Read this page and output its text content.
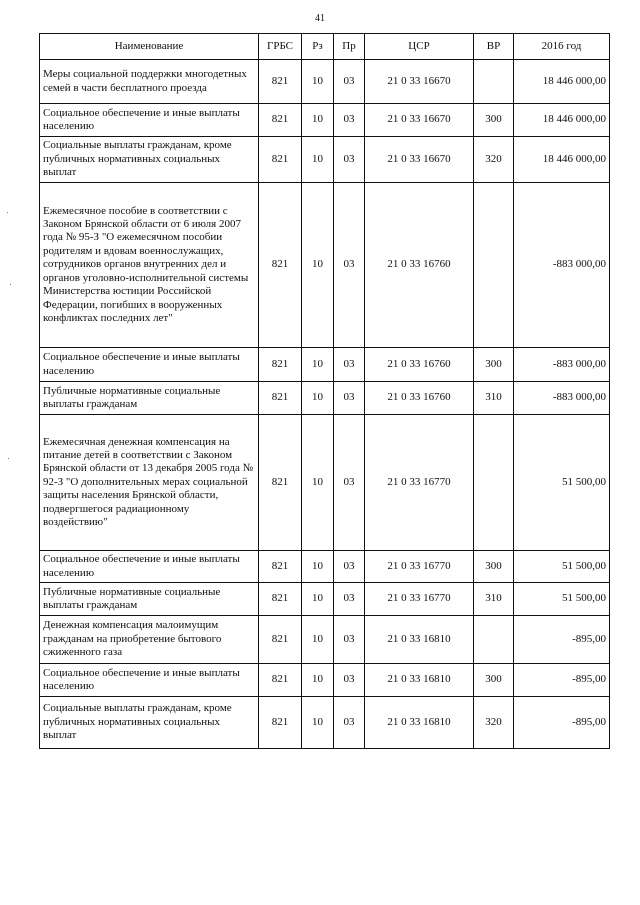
41
Наименование	ГРБС	Рз	Пр	ЦСР	ВР	2016 год
Меры социальной поддержки многодетных семей в части бесплатного проезда	821	10	03	21 0 33 16670		18 446 000,00
Социальное обеспечение и иные выплаты населению	821	10	03	21 0 33 16670	300	18 446 000,00
Социальные выплаты гражданам, кроме публичных нормативных социальных выплат	821	10	03	21 0 33 16670	320	18 446 000,00
Ежемесячное пособие в соответствии с Законом Брянской области от 6 июля 2007 года № 95-З "О ежемесячном пособии родителям и вдовам военнослужащих, сотрудников органов внутренних дел и органов уголовно-исполнительной системы Министерства юстиции Российской Федерации, погибших в вооруженных конфликтах последних лет"	821	10	03	21 0 33 16760		-883 000,00
Социальное обеспечение и иные выплаты населению	821	10	03	21 0 33 16760	300	-883 000,00
Публичные нормативные социальные выплаты гражданам	821	10	03	21 0 33 16760	310	-883 000,00
Ежемесячная денежная компенсация на питание детей в соответствии с Законом Брянской области от 13 декабря 2005 года № 92-З "О дополнительных мерах социальной защиты населения Брянской области, подвергшегося радиационному воздействию"	821	10	03	21 0 33 16770		51 500,00
Социальное обеспечение и иные выплаты населению	821	10	03	21 0 33 16770	300	51 500,00
Публичные нормативные социальные выплаты гражданам	821	10	03	21 0 33 16770	310	51 500,00
Денежная компенсация малоимущим гражданам на приобретение бытового сжиженного газа	821	10	03	21 0 33 16810		-895,00
Социальное обеспечение и иные выплаты населению	821	10	03	21 0 33 16810	300	-895,00
Социальные выплаты гражданам, кроме публичных нормативных социальных выплат	821	10	03	21 0 33 16810	320	-895,00
